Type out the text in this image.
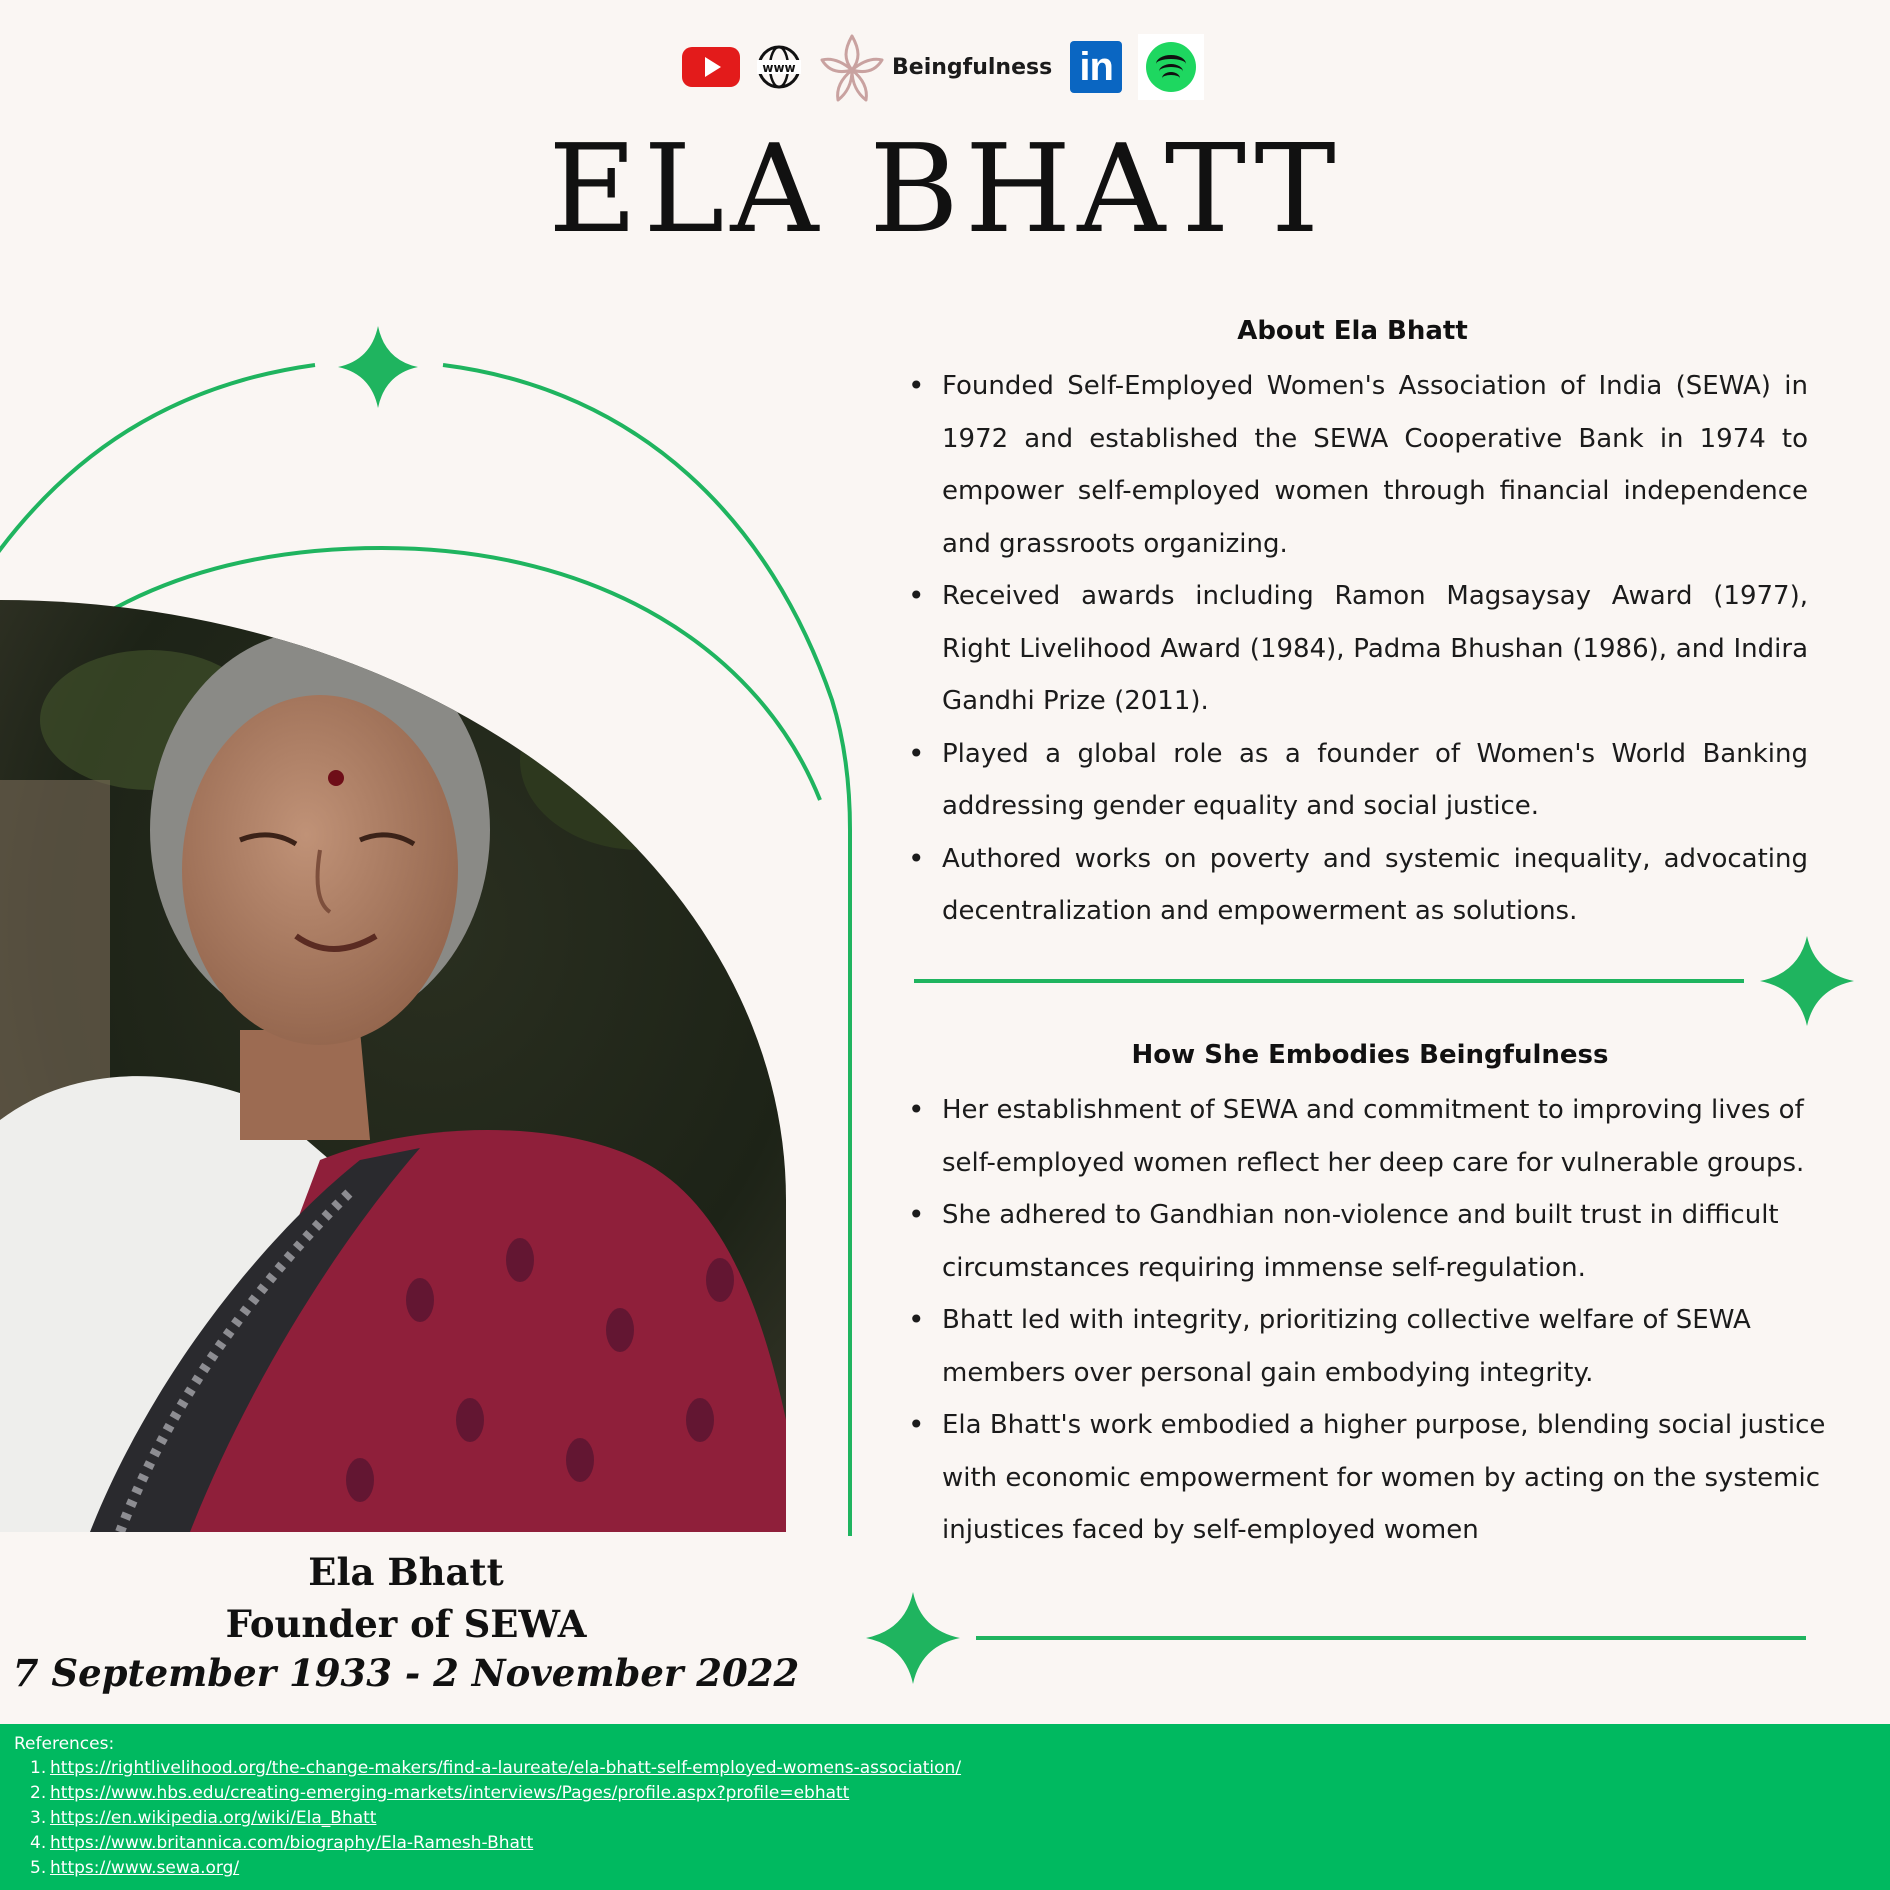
www	Beingfulness in
ELA BHATT
Ela Bhatt
Founder of SEWA
7 September 1933 - 2 November 2022
About Ela Bhatt
• Founded Self-Employed Women's Association of India (SEWA) in 1972 and established the SEWA Cooperative Bank in 1974 to empower self-employed women through financial independence and grassroots organizing.
• Received awards including Ramon Magsaysay Award (1977), Right Livelihood Award (1984), Padma Bhushan (1986), and Indira Gandhi Prize (2011).
• Played a global role as a founder of Women's World Banking addressing gender equality and social justice.
• Authored works on poverty and systemic inequality, advocating decentralization and empowerment as solutions.
How She Embodies Beingfulness
• Her establishment of SEWA and commitment to improving lives of self-employed women reflect her deep care for vulnerable groups.
• She adhered to Gandhian non-violence and built trust in difficult circumstances requiring immense self-regulation.
• Bhatt led with integrity, prioritizing collective welfare of SEWA members over personal gain embodying integrity.
• Ela Bhatt's work embodied a higher purpose, blending social justice with economic empowerment for women by acting on the systemic injustices faced by self-employed women
References:
1. https://rightlivelihood.org/the-change-makers/find-a-laureate/ela-bhatt-self-employed-womens-association/
2. https://www.hbs.edu/creating-emerging-markets/interviews/Pages/profile.aspx?profile=ebhatt
3. https://en.wikipedia.org/wiki/Ela_Bhatt
4. https://www.britannica.com/biography/Ela-Ramesh-Bhatt
5. https://www.sewa.org/
